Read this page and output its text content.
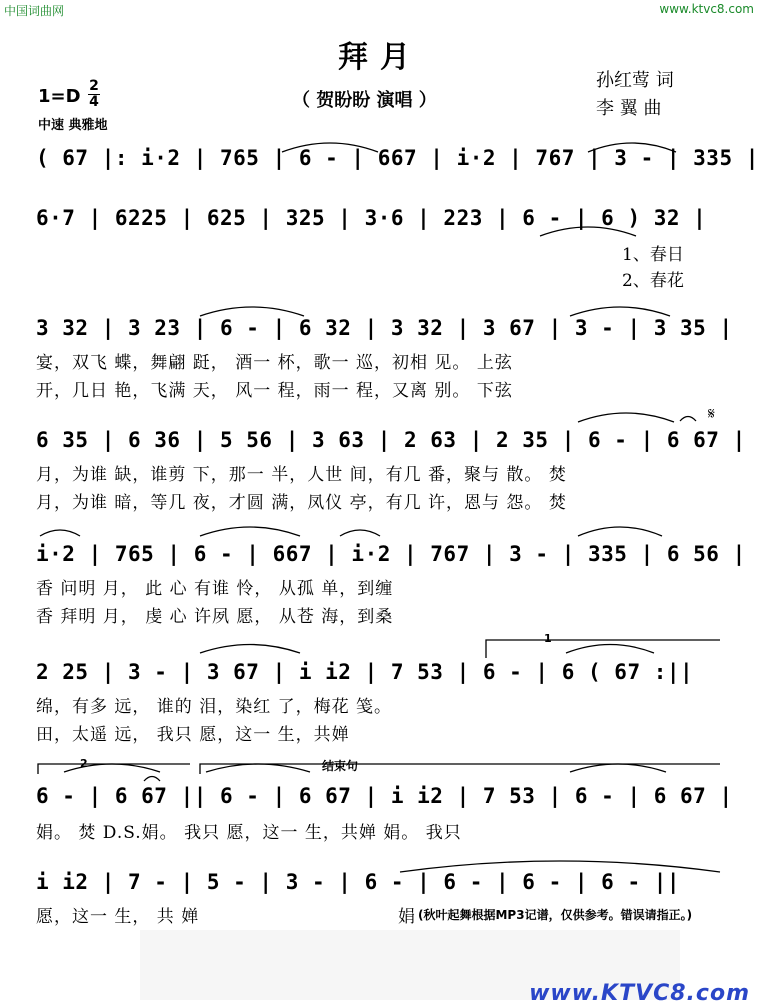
中国词曲网	www.ktvc8.com
拜月
（ 贺盼盼 演唱 ）
孙红莺 词
李 翼 曲
1=D 2
4
中速 典雅地
1
2	结束句
𝄋
( 67 |: i·2 | 765 | 6 - | 667 | i·2 | 767 | 3 - | 335 |
6·7 | 6225 | 625 | 325 | 3·6 | 223 | 6 - | 6 ) 32 |
1、春日
2、春花
3 32 | 3 23 | 6 - | 6 32 | 3 32 | 3 67 | 3 - | 3 35 |
宴，双飞 蝶，舞翩 跹， 酒一 杯，歌一 巡，初相 见。 上弦
开，几日 艳，飞满 天， 风一 程，雨一 程，又离 别。 下弦
6 35 | 6 36 | 5 56 | 3 63 | 2 63 | 2 35 | 6 - | 6 67 |
月，为谁 缺，谁剪 下，那一 半，人世 间，有几 番，聚与 散。 焚
月，为谁 暗，等几 夜，才圆 满，凤仪 亭，有几 许，恩与 怨。 焚
i·2 | 765 | 6 - | 667 | i·2 | 767 | 3 - | 335 | 6 56 |
香 问明 月， 此 心 有谁 怜， 从孤 单，到缠
香 拜明 月， 虔 心 许夙 愿， 从苍 海，到桑
2 25 | 3 - | 3 67 | i i2 | 7 53 | 6 - | 6 ( 67 :||
绵，有多 远， 谁的 泪，染红 了，梅花 笺。
田，太遥 远， 我只 愿，这一 生，共婵
6 - | 6 67 || 6 - | 6 67 | i i2 | 7 53 | 6 - | 6 67 |
娟。 焚 D.S.娟。 我只 愿，这一 生，共婵 娟。 我只
i i2 | 7 - | 5 - | 3 - | 6 - | 6 - | 6 - | 6 - ||
愿，这一 生， 共 婵	娟 (秋叶起舞根据MP3记谱，仅供参考。错误请指正。)
www.KTVC8.com
